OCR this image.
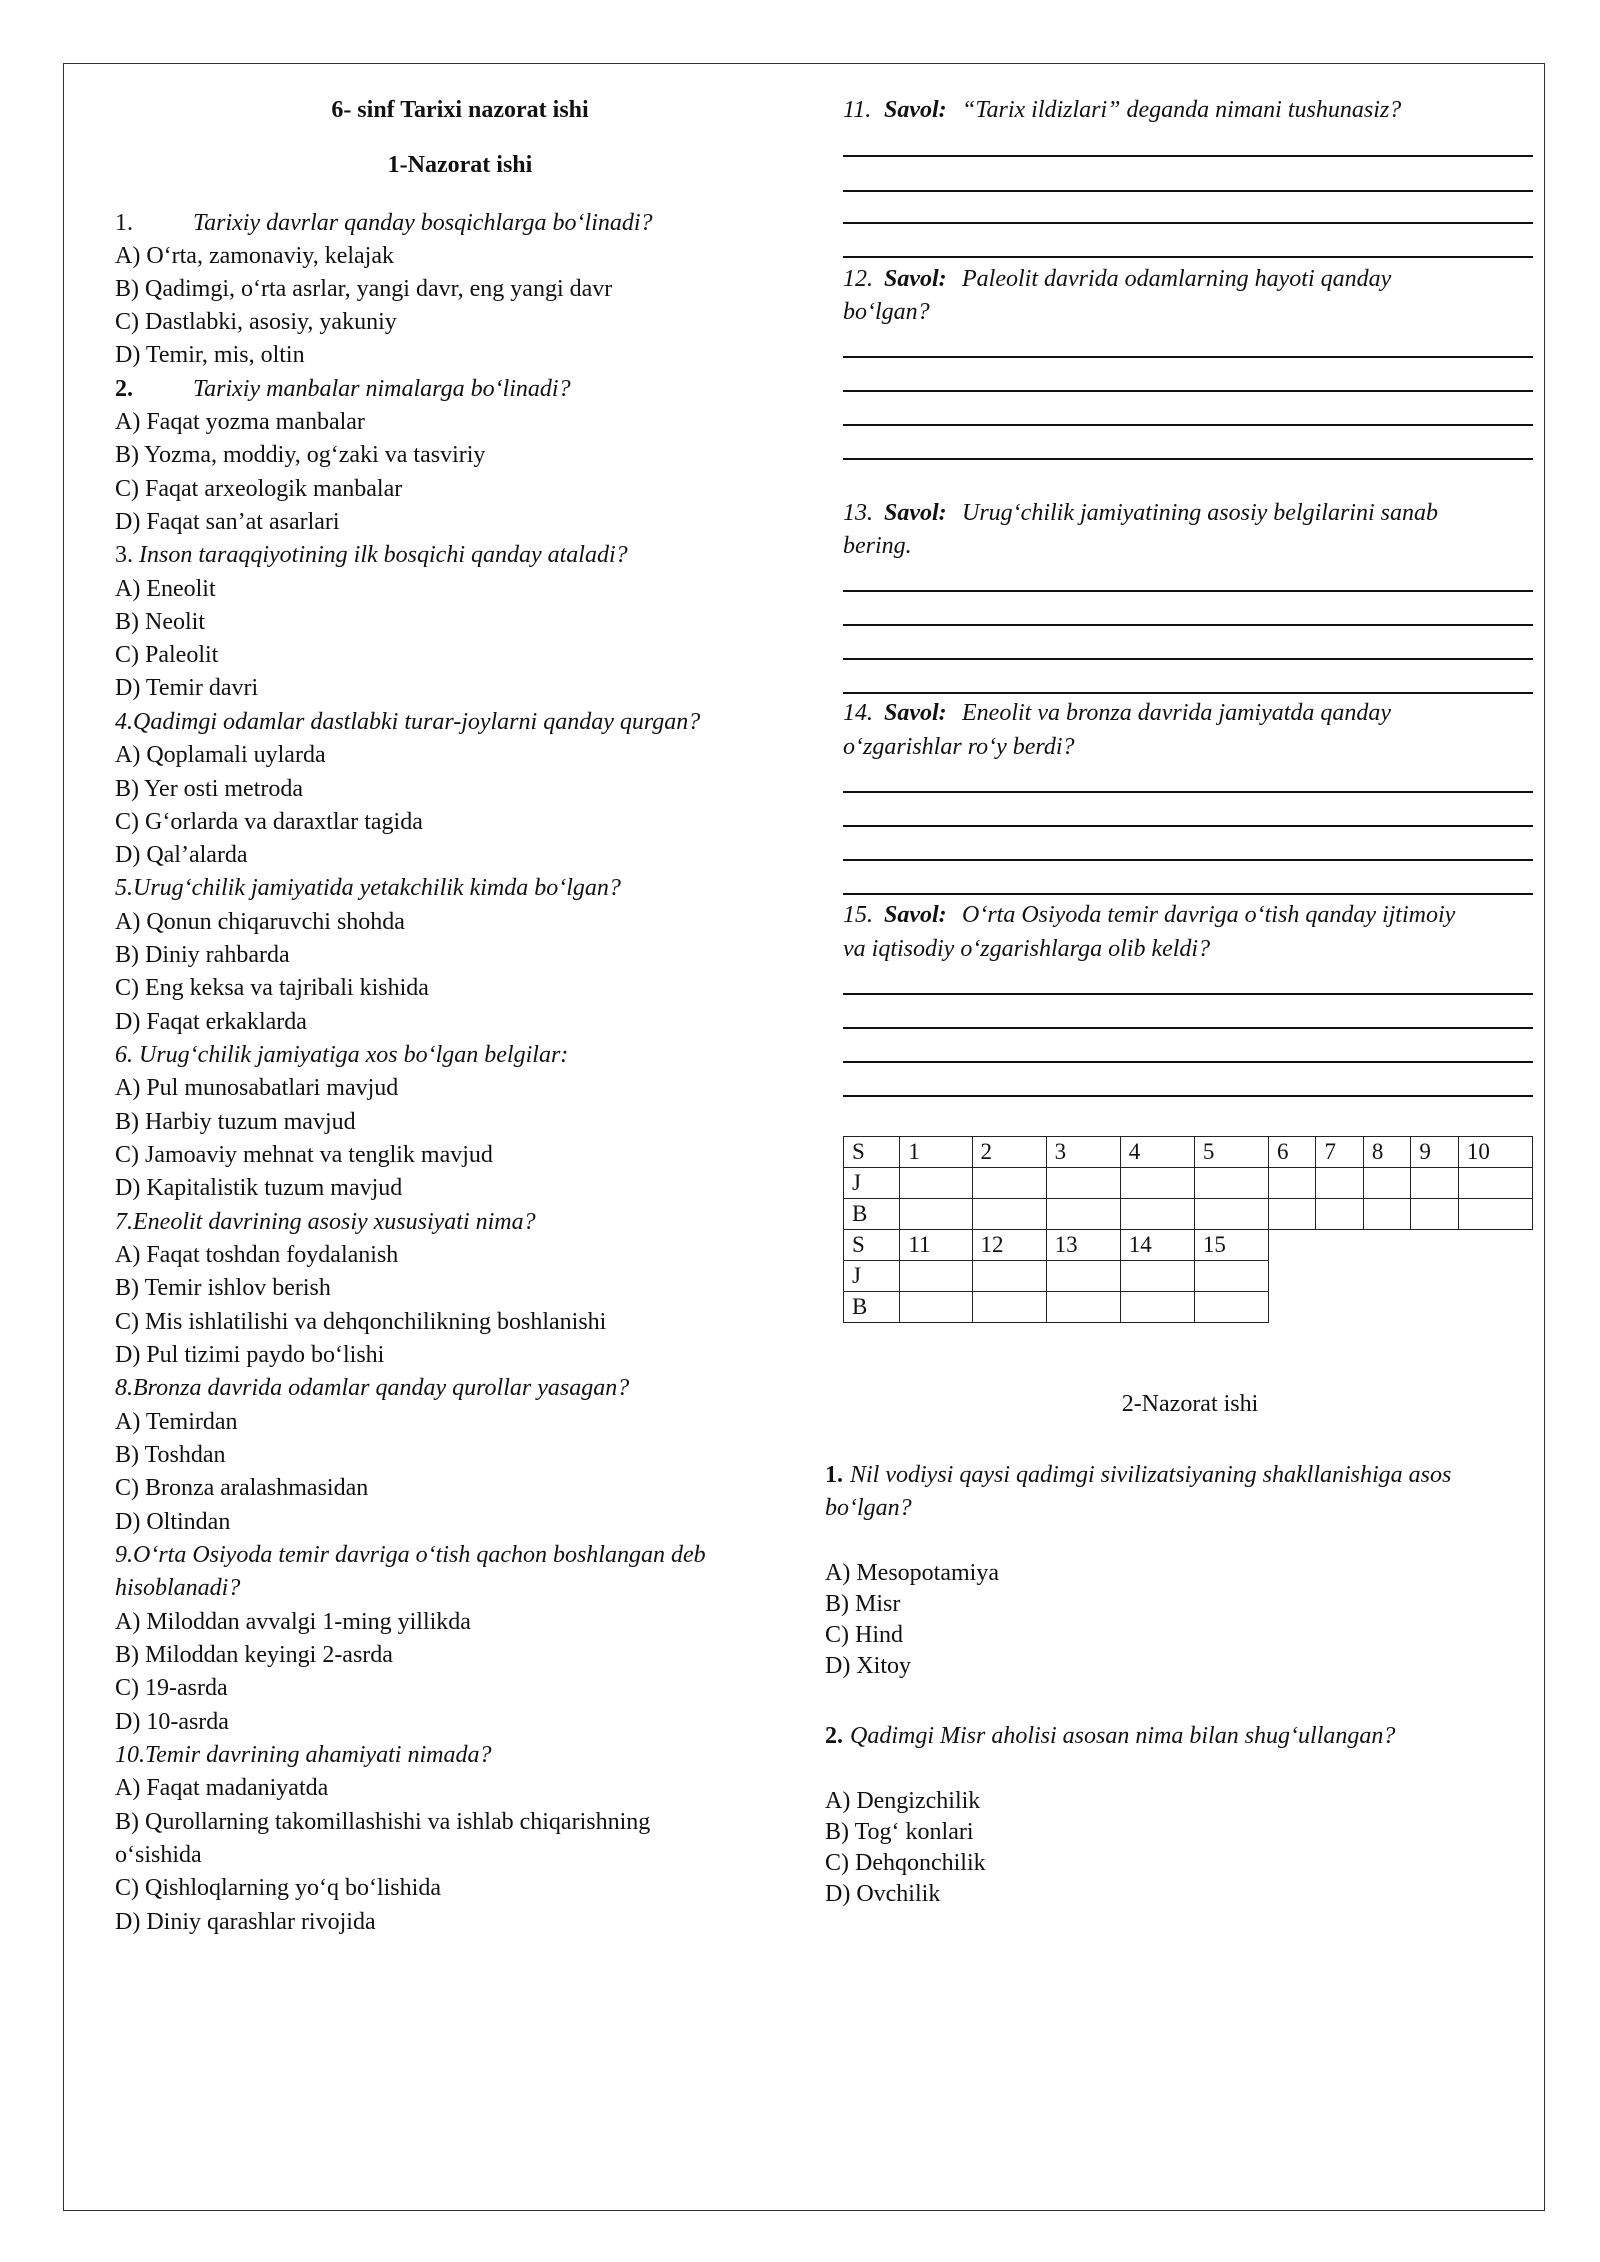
6- sinf Tarixi nazorat ishi
1-Nazorat ishi
1.	Tarixiy davrlar qanday bosqichlarga bo‘linadi?
A) O‘rta, zamonaviy, kelajak
B) Qadimgi, o‘rta asrlar, yangi davr, eng yangi davr
C) Dastlabki, asosiy, yakuniy
D) Temir, mis, oltin
2.	Tarixiy manbalar nimalarga bo‘linadi?
A) Faqat yozma manbalar
B) Yozma, moddiy, og‘zaki va tasviriy
C) Faqat arxeologik manbalar
D) Faqat san’at asarlari
3. Inson taraqqiyotining ilk bosqichi qanday ataladi?
A) Eneolit
B) Neolit
C) Paleolit
D) Temir davri
4. Qadimgi odamlar dastlabki turar-joylarni qanday qurgan?
A) Qoplamali uylarda
B) Yer osti metroda
C) G‘orlarda va daraxtlar tagida
D) Qal’alarda
5. Urug‘chilik jamiyatida yetakchilik kimda bo‘lgan?
A) Qonun chiqaruvchi shohda
B) Diniy rahbarda
C) Eng keksa va tajribali kishida
D) Faqat erkaklarda
6. Urug‘chilik jamiyatiga xos bo‘lgan belgilar:
A) Pul munosabatlari mavjud
B) Harbiy tuzum mavjud
C) Jamoaviy mehnat va tenglik mavjud
D) Kapitalistik tuzum mavjud
7. Eneolit davrining asosiy xususiyati nima?
A) Faqat toshdan foydalanish
B) Temir ishlov berish
C) Mis ishlatilishi va dehqonchilikning boshlanishi
D) Pul tizimi paydo bo‘lishi
8. Bronza davrida odamlar qanday qurollar yasagan?
A) Temirdan
B) Toshdan
C) Bronza aralashmasidan
D) Oltindan
9. O‘rta Osiyoda temir davriga o‘tish qachon boshlangan deb
hisoblanadi?
A) Miloddan avvalgi 1-ming yillikda
B) Miloddan keyingi 2-asrda
C) 19-asrda
D) 10-asrda
10. Temir davrining ahamiyati nimada?
A) Faqat madaniyatda
B) Qurollarning takomillashishi va ishlab chiqarishning
o‘sishida
C) Qishloqlarning yo‘q bo‘lishida
D) Diniy qarashlar rivojida
11. Savol: “Tarix ildizlari” deganda nimani tushunasiz?
12. Savol: Paleolit davrida odamlarning hayoti qanday
bo‘lgan?
13. Savol: Urug‘chilik jamiyatining asosiy belgilarini sanab
bering.
14. Savol: Eneolit va bronza davrida jamiyatda qanday
o‘zgarishlar ro‘y berdi?
15. Savol: O‘rta Osiyoda temir davriga o‘tish qanday ijtimoiy
va iqtisodiy o‘zgarishlarga olib keldi?
S	1	2	3	4	5	6	7	8	9	10
J										
B										
S	11	12	13	14	15					
J										
B										
2-Nazorat ishi
1. Nil vodiysi qaysi qadimgi sivilizatsiyaning shakllanishiga asos
bo‘lgan?
A) Mesopotamiya
B) Misr
C) Hind
D) Xitoy
2. Qadimgi Misr aholisi asosan nima bilan shug‘ullangan?
A) Dengizchilik
B) Tog‘ konlari
C) Dehqonchilik
D) Ovchilik
